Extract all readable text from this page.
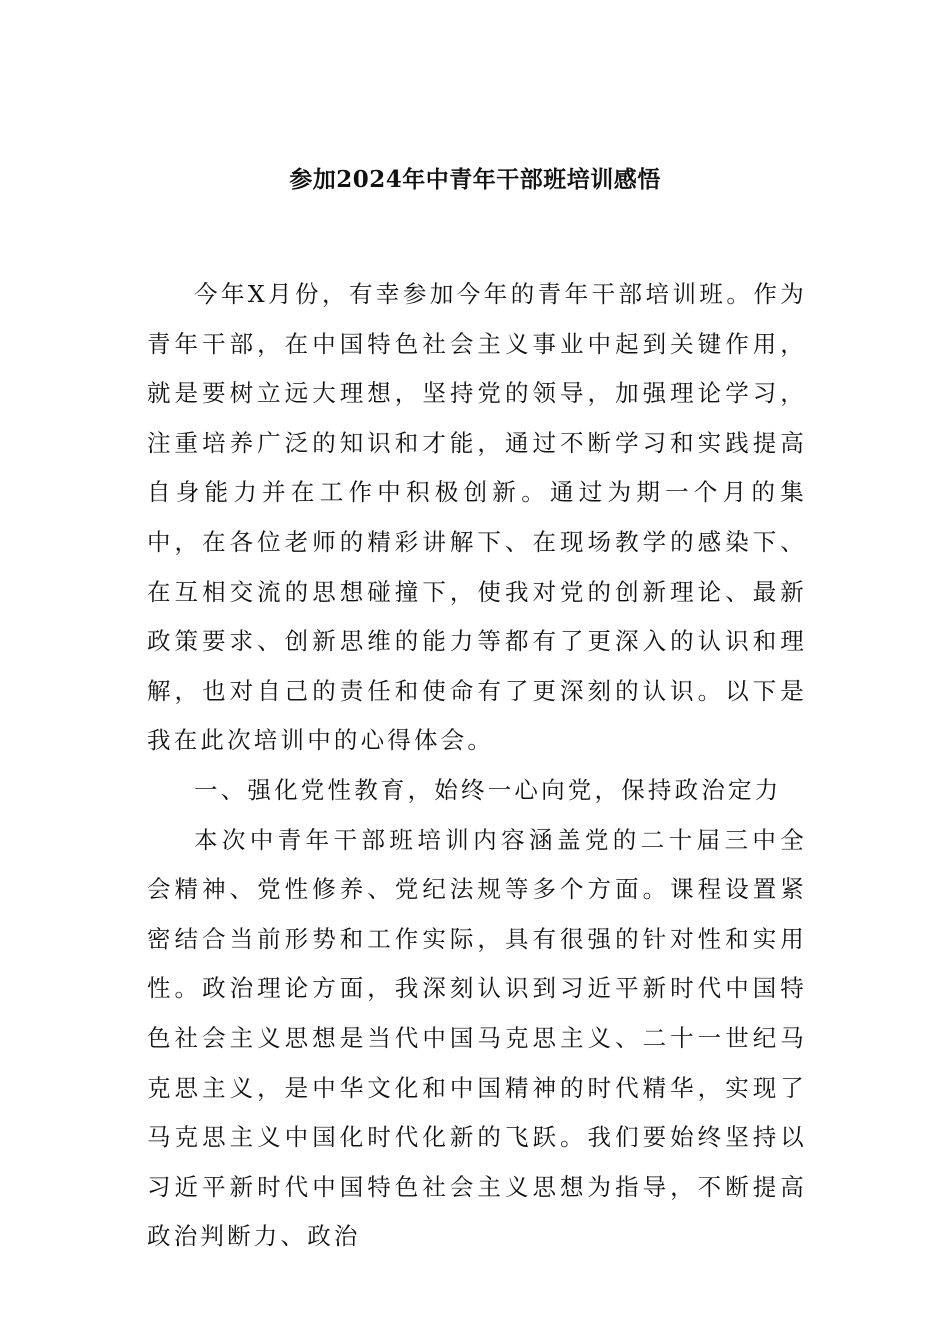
参加2024年中青年干部班培训感悟

今年X月份，有幸参加今年的青年干部培训班。作为青年干部，在中国特色社会主义事业中起到关键作用，就是要树立远大理想，坚持党的领导，加强理论学习，注重培养广泛的知识和才能，通过不断学习和实践提高自身能力并在工作中积极创新。通过为期一个月的集中，在各位老师的精彩讲解下、在现场教学的感染下、在互相交流的思想碰撞下，使我对党的创新理论、最新政策要求、创新思维的能力等都有了更深入的认识和理解，也对自己的责任和使命有了更深刻的认识。以下是我在此次培训中的心得体会。

一、强化党性教育，始终一心向党，保持政治定力

本次中青年干部班培训内容涵盖党的二十届三中全会精神、党性修养、党纪法规等多个方面。课程设置紧密结合当前形势和工作实际，具有很强的针对性和实用性。政治理论方面，我深刻认识到习近平新时代中国特色社会主义思想是当代中国马克思主义、二十一世纪马克思主义，是中华文化和中国精神的时代精华，实现了马克思主义中国化时代化新的飞跃。我们要始终坚持以习近平新时代中国特色社会主义思想为指导，不断提高政治判断力、政治
